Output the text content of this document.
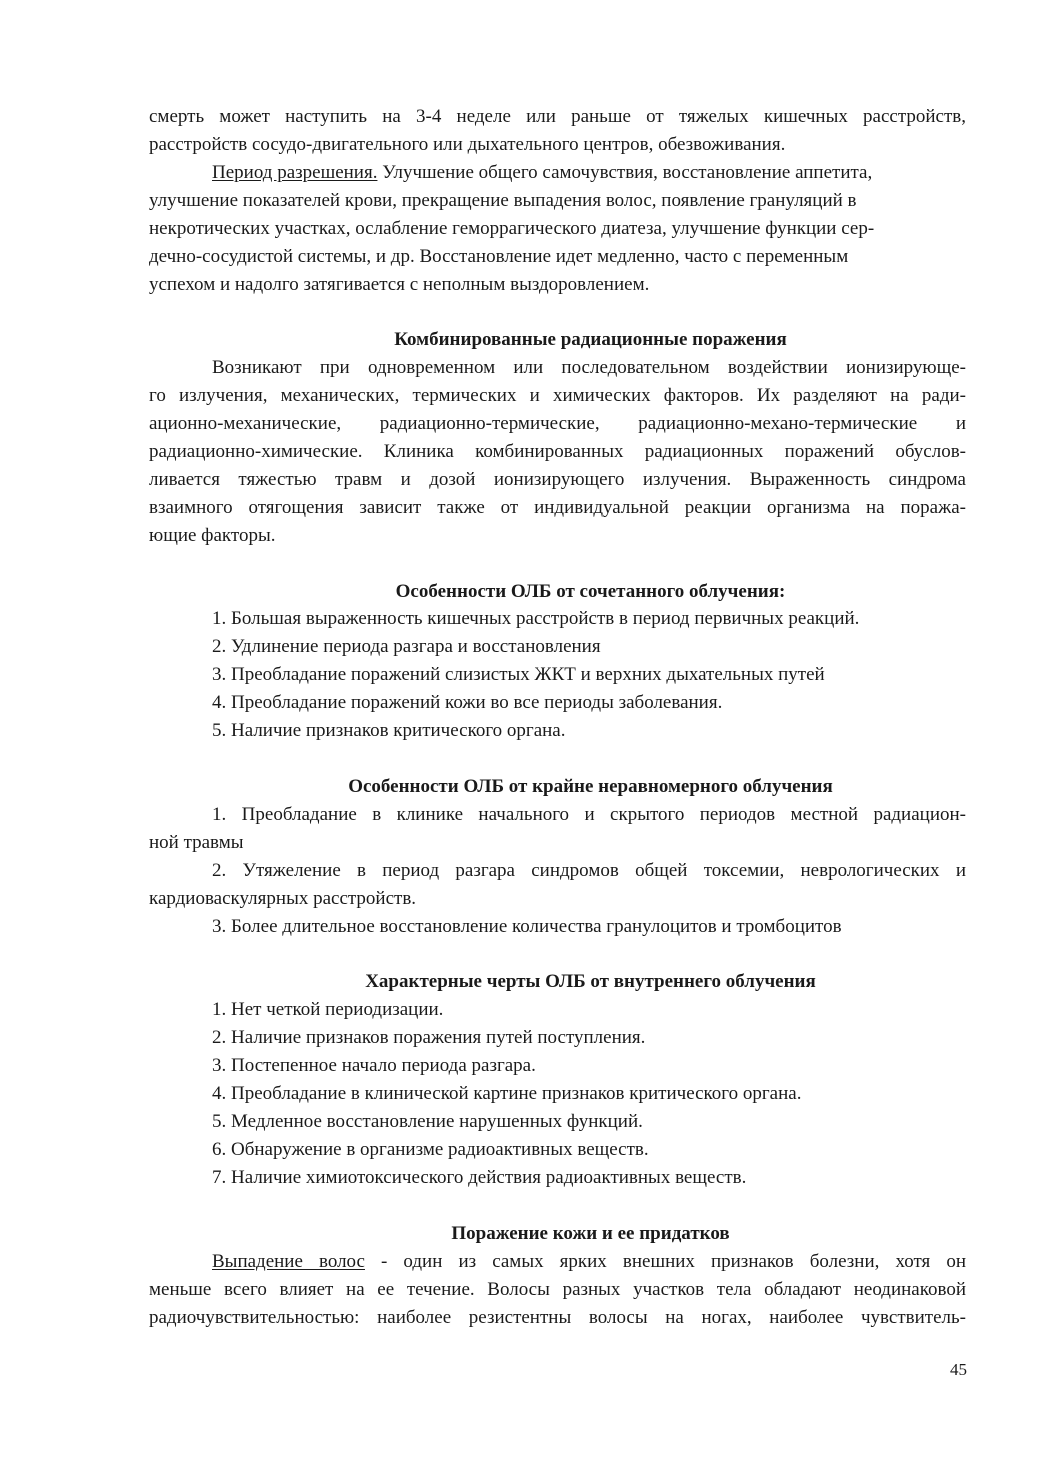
смерть может наступить на 3-4 неделе или раньше от тяжелых кишечных расстройств,
расстройств сосудо-двигательного или дыхательного центров, обезвоживания.
Период разрешения. Улучшение общего самочувствия, восстановление аппетита,
улучшение показателей крови, прекращение выпадения волос, появление грануляций в
некротических участках, ослабление геморрагического диатеза, улучшение функции сер-
дечно-сосудистой системы, и др. Восстановление идет медленно, часто с переменным
успехом и надолго затягивается с неполным выздоровлением.
Комбинированные радиационные поражения
Возникают при одновременном или последовательном воздействии ионизирующе-
го излучения, механических, термических и химических факторов. Их разделяют на ради-
ационно-механические, радиационно-термические, радиационно-механо-термические и
радиационно-химические. Клиника комбинированных радиационных поражений обуслов-
ливается тяжестью травм и дозой ионизирующего излучения. Выраженность синдрома
взаимного отягощения зависит также от индивидуальной реакции организма на поража-
ющие факторы.
Особенности ОЛБ от сочетанного облучения:
1. Большая выраженность кишечных расстройств в период первичных реакций.
2. Удлинение периода разгара и восстановления
3. Преобладание поражений слизистых ЖКТ и верхних дыхательных путей
4. Преобладание поражений кожи во все периоды заболевания.
5. Наличие признаков критического органа.
Особенности ОЛБ от крайне неравномерного облучения
1. Преобладание в клинике начального и скрытого периодов местной радиацион-
ной травмы
2. Утяжеление в период разгара синдромов общей токсемии, неврологических и
кардиоваскулярных расстройств.
3. Более длительное восстановление количества гранулоцитов и тромбоцитов
Характерные черты ОЛБ от внутреннего облучения
1. Нет четкой периодизации.
2. Наличие признаков поражения путей поступления.
3. Постепенное начало периода разгара.
4. Преобладание в клинической картине признаков критического органа.
5. Медленное восстановление нарушенных функций.
6. Обнаружение в организме радиоактивных веществ.
7. Наличие химиотоксического действия радиоактивных веществ.
Поражение кожи и ее придатков
Выпадение волос - один из самых ярких внешних признаков болезни, хотя он
меньше всего влияет на ее течение. Волосы разных участков тела обладают неодинаковой
радиочувствительностью: наиболее резистентны волосы на ногах, наиболее чувствитель-
45
